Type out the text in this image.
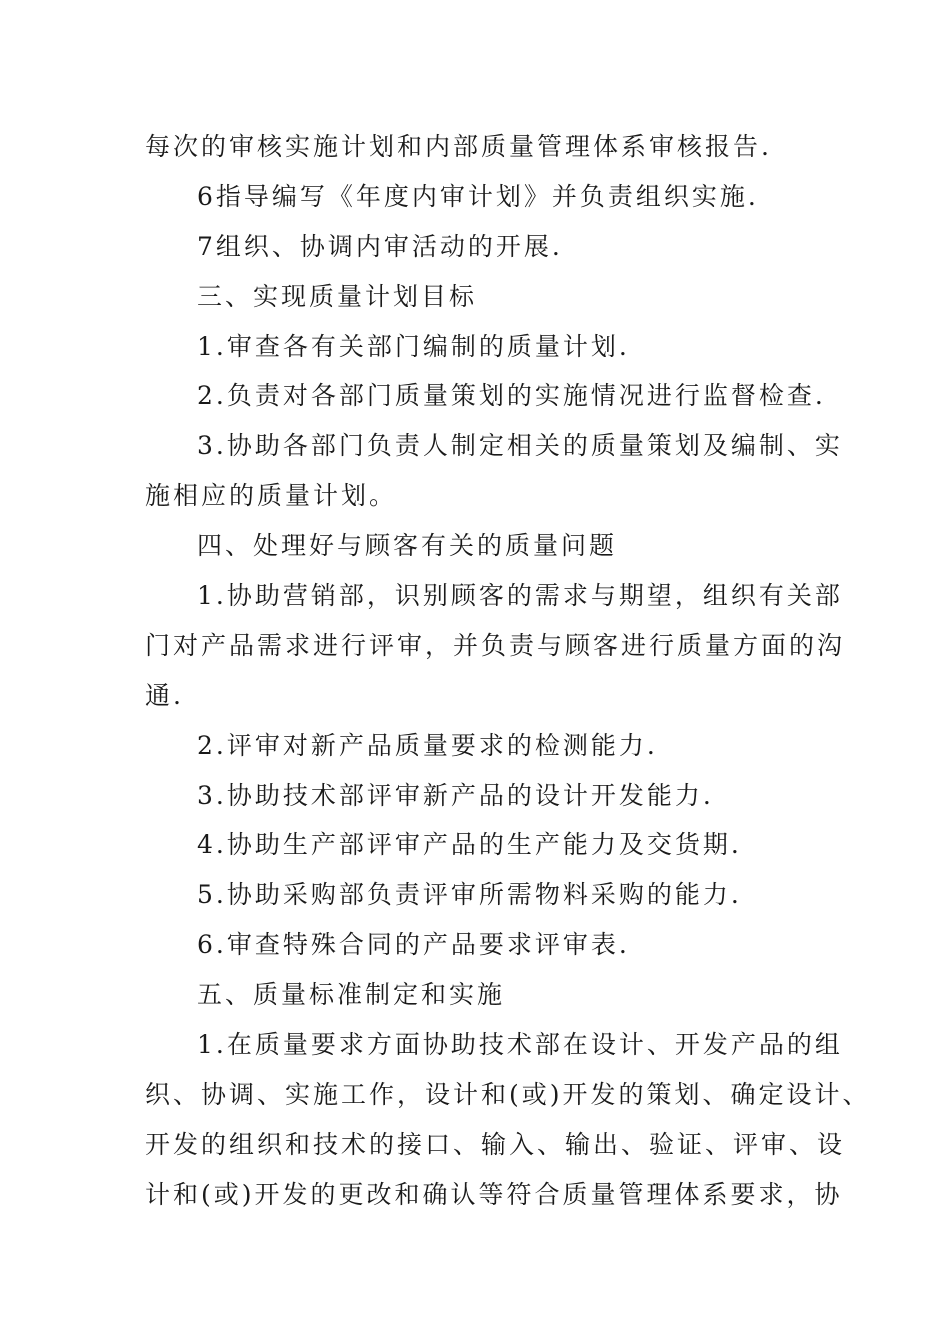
每次的审核实施计划和内部质量管理体系审核报告.
6指导编写《年度内审计划》并负责组织实施.
7组织、协调内审活动的开展.
三、实现质量计划目标
1.审查各有关部门编制的质量计划.
2.负责对各部门质量策划的实施情况进行监督检查.
3.协助各部门负责人制定相关的质量策划及编制、实
施相应的质量计划。
四、处理好与顾客有关的质量问题
1.协助营销部，识别顾客的需求与期望，组织有关部
门对产品需求进行评审，并负责与顾客进行质量方面的沟
通.
2.评审对新产品质量要求的检测能力.
3.协助技术部评审新产品的设计开发能力.
4.协助生产部评审产品的生产能力及交货期.
5.协助采购部负责评审所需物料采购的能力.
6.审查特殊合同的产品要求评审表.
五、质量标准制定和实施
1.在质量要求方面协助技术部在设计、开发产品的组
织、协调、实施工作，设计和(或)开发的策划、确定设计、
开发的组织和技术的接口、输入、输出、验证、评审、设
计和(或)开发的更改和确认等符合质量管理体系要求，协
